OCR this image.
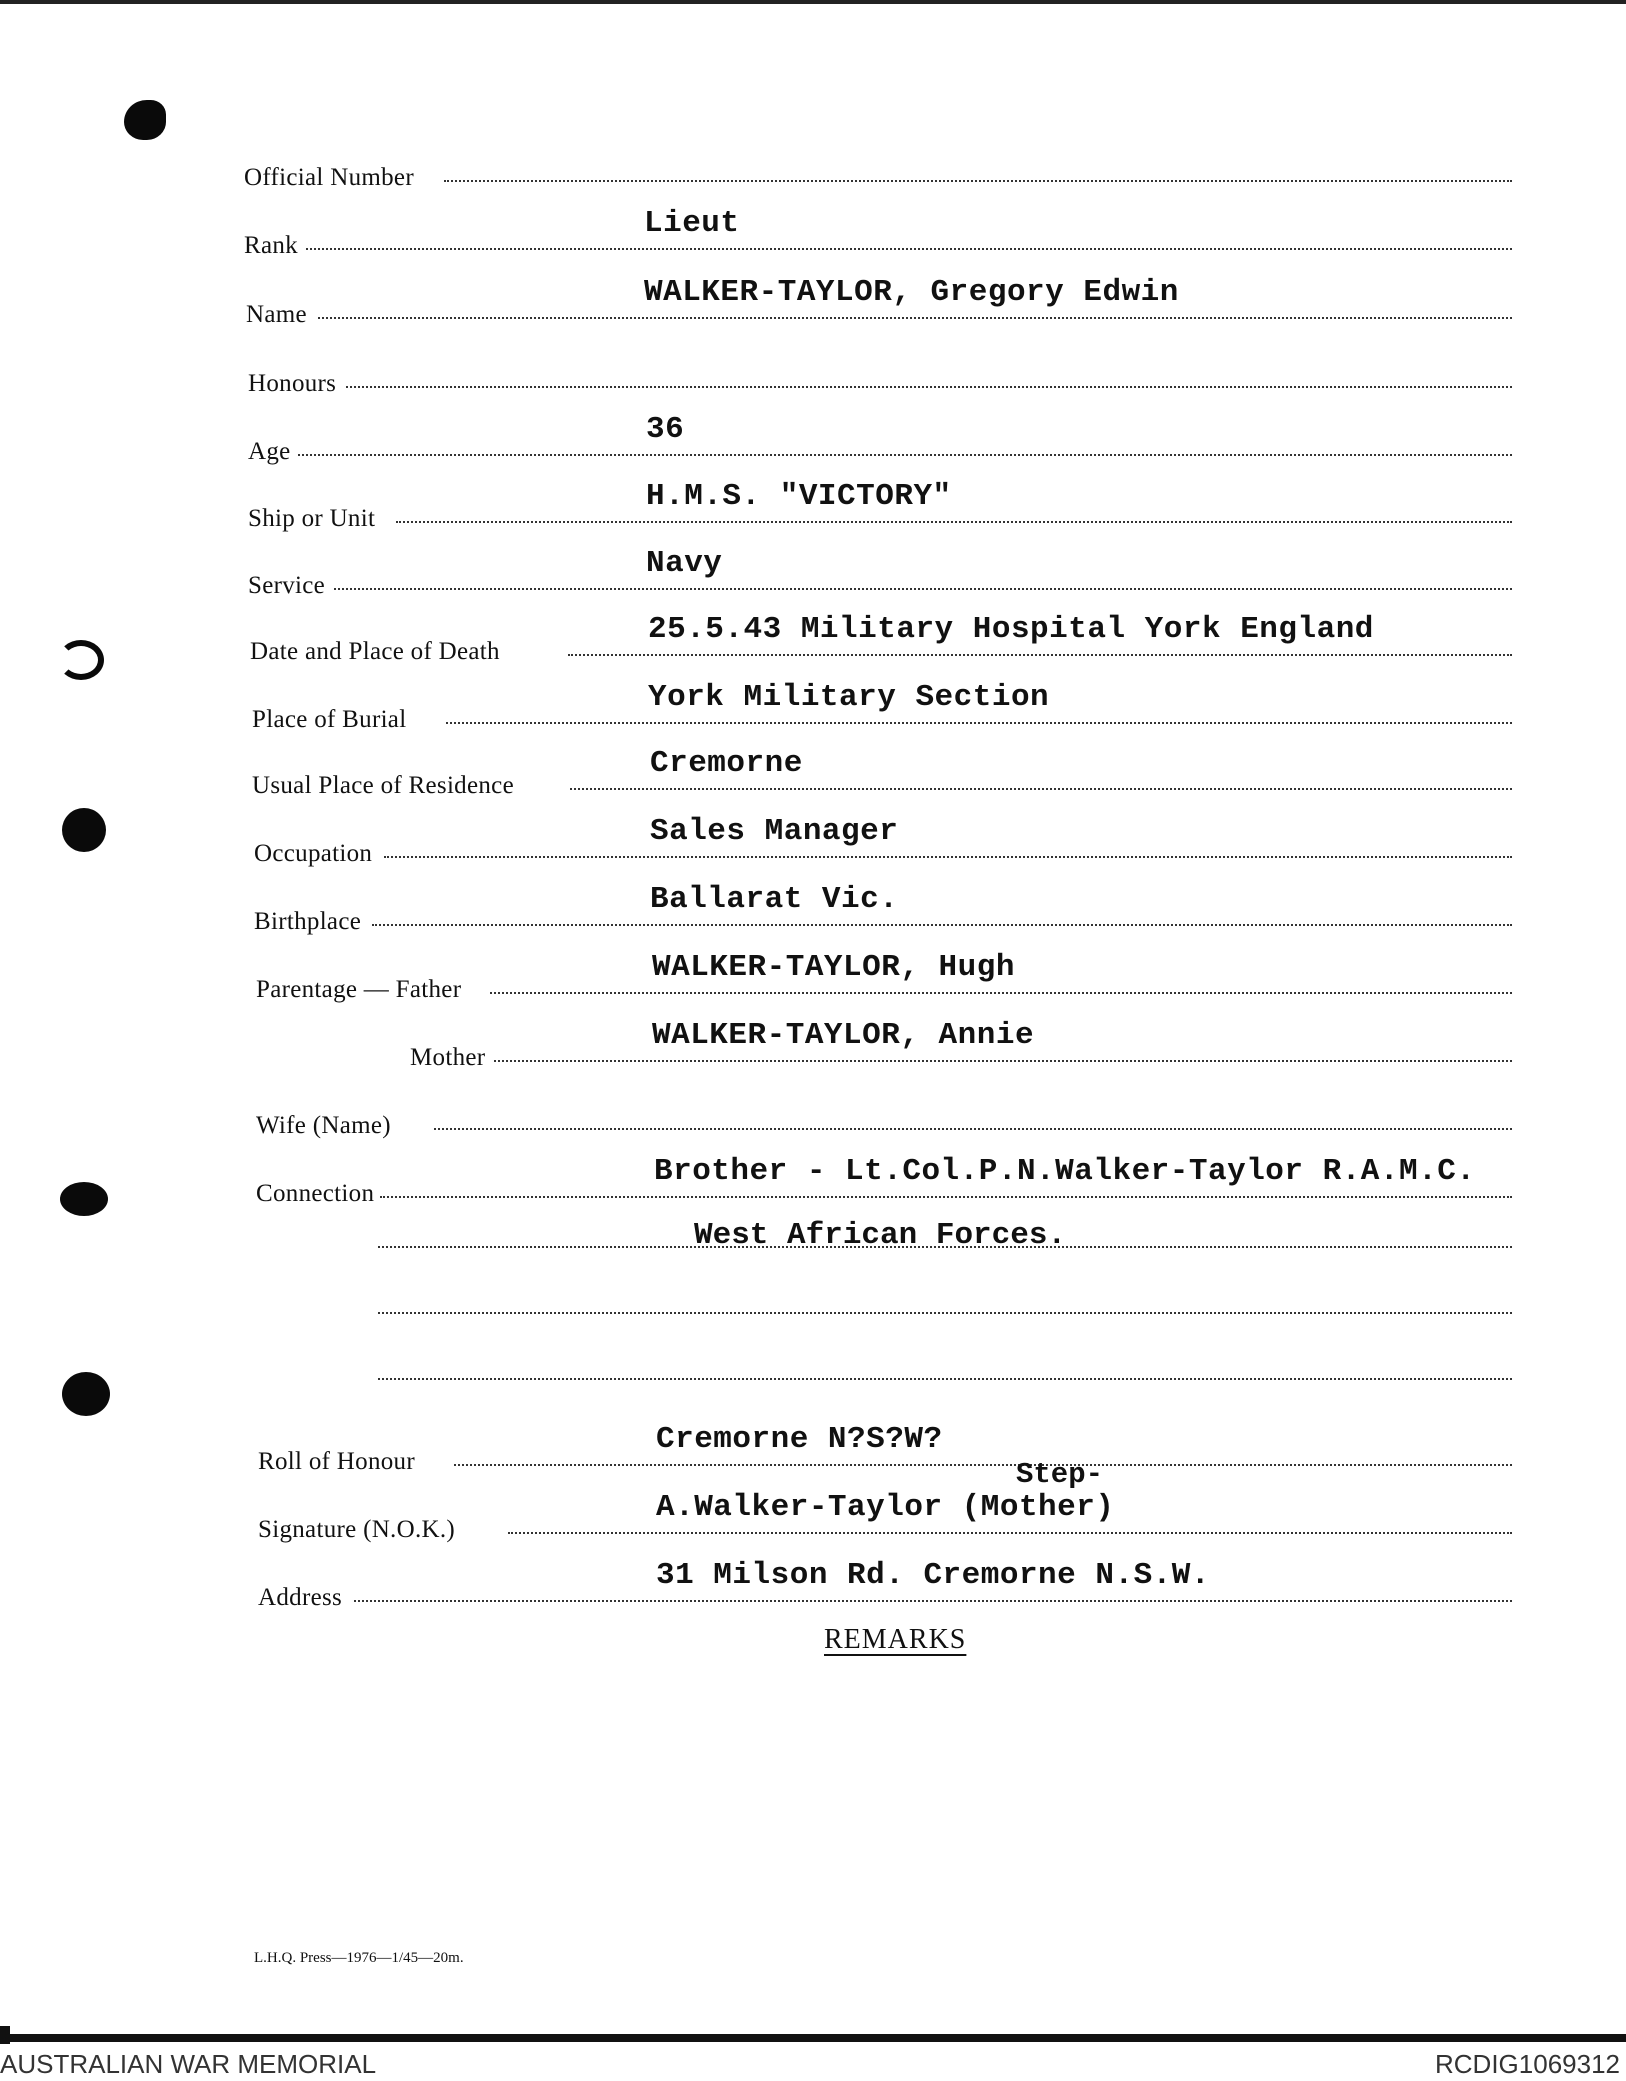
Official Number
Rank
Lieut
Name
WALKER-TAYLOR, Gregory Edwin
Honours
Age
36
Ship or Unit
H.M.S. "VICTORY"
Service
Navy
Date and Place of Death
25.5.43 Military Hospital York England
Place of Burial
York Military Section
Usual Place of Residence
Cremorne
Occupation
Sales Manager
Birthplace
Ballarat Vic.
Parentage — Father
WALKER-TAYLOR, Hugh
Mother
WALKER-TAYLOR, Annie
Wife (Name)
Connection
Brother - Lt.Col.P.N.Walker-Taylor R.A.M.C.
West African Forces.
Roll of Honour
Cremorne N?S?W?
Step-
Signature (N.O.K.)
A.Walker-Taylor (Mother)
Address
31 Milson Rd. Cremorne N.S.W.
REMARKS
L.H.Q. Press—1976—1/45—20m.
AUSTRALIAN WAR MEMORIAL	RCDIG1069312
